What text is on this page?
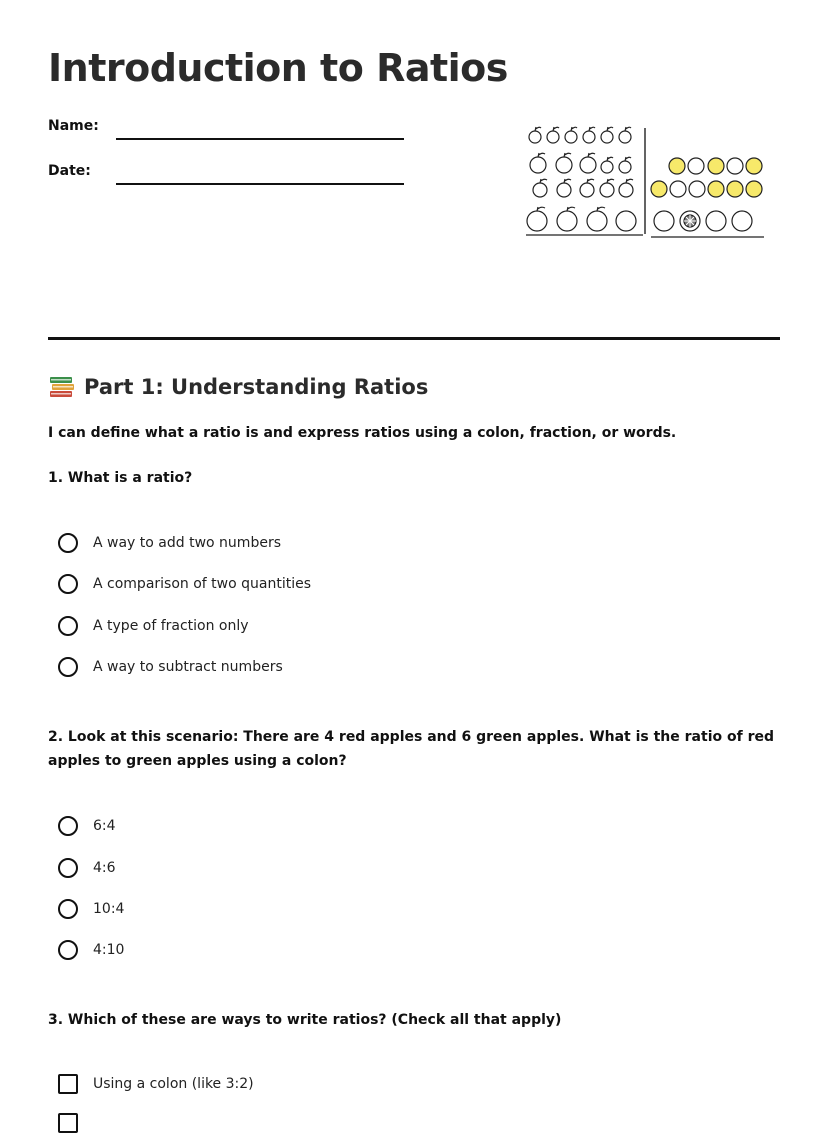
Introduction to Ratios
Name:
Date:
Part 1: Understanding Ratios
I can define what a ratio is and express ratios using a colon, fraction, or words.
1. What is a ratio?
A way to add two numbers
A comparison of two quantities
A type of fraction only
A way to subtract numbers
2. Look at this scenario: There are 4 red apples and 6 green apples. What is the ratio of red apples to green apples using a colon?
6:4
4:6
10:4
4:10
3. Which of these are ways to write ratios? (Check all that apply)
Using a colon (like 3:2)
